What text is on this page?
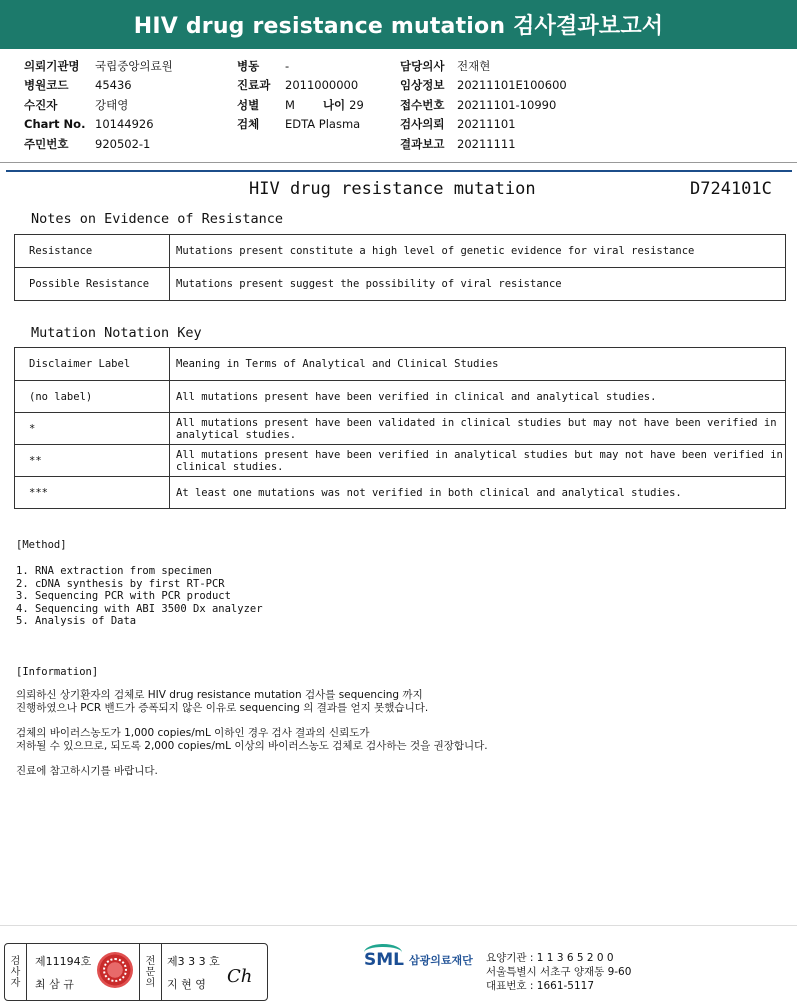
HIV drug resistance mutation 검사결과보고서
의뢰기관명	국립중앙의료원
병원코드	45436
수진자	강태영
Chart No. 10144926
주민번호	920502-1
병동	-
진료과	2011000000
성별	M 나이 29
검체	EDTA Plasma
담당의사	전재현
임상정보	20211101E100600
접수번호	20211101-10990
검사의뢰	20211101
결과보고	20211111
HIV drug resistance mutation	D724101C
Notes on Evidence of Resistance
Resistance	Mutations present constitute a high level of genetic evidence for viral resistance
Possible Resistance	Mutations present suggest the possibility of viral resistance
Mutation Notation Key
Disclaimer Label	Meaning in Terms of Analytical and Clinical Studies
(no label)	All mutations present have been verified in clinical and analytical studies.
*	All mutations present have been validated in clinical studies but may not have been verified in analytical studies.
**	All mutations present have been verified in analytical studies but may not have been verified in clinical studies.
***	At least one mutations was not verified in both clinical and analytical studies.
[Method]
1. RNA extraction from specimen
2. cDNA synthesis by first RT-PCR
3. Sequencing PCR with PCR product
4. Sequencing with ABI 3500 Dx analyzer
5. Analysis of Data
[Information]

의뢰하신 상기환자의 검체로 HIV drug resistance mutation 검사를 sequencing 까지
진행하였으나 PCR 밴드가 증폭되지 않은 이유로 sequencing 의 결과를 얻지 못했습니다.

검체의 바이러스농도가 1,000 copies/mL 이하인 경우 검사 결과의 신뢰도가
저하될 수 있으므로, 되도록 2,000 copies/mL 이상의 바이러스농도 검체로 검사하는 것을 권장합니다.

진료에 참고하시기를 바랍니다.

검
사
자
제11194호
최 삼 규
전
문
의
제3 3 3 호
지 현 영 Ch
SML 삼광의료재단 요양기관 : 1 1 3 6 5 2 0 0
서울특별시 서초구 양재동 9-60
대표번호 : 1661-5117
